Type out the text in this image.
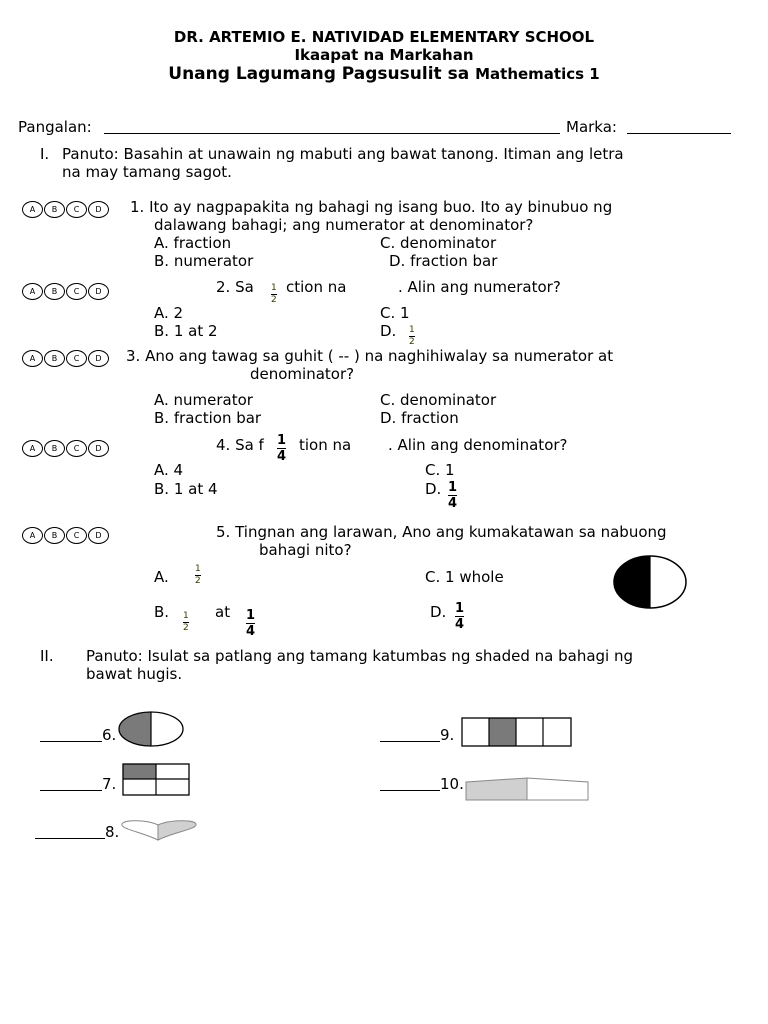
DR. ARTEMIO E. NATIVIDAD ELEMENTARY SCHOOL
Ikaapat na Markahan
Unang Lagumang Pagsusulit sa Mathematics 1
Pangalan:	Marka:
I. Panuto: Basahin at unawain ng mabuti ang bawat tanong. Itiman ang letra
na may tamang sagot.
A	B	C	D	1. Ito ay nagpapakita ng bahagi ng isang buo. Ito ay binubuo ng
dalawang bahagi; ang numerator at denominator?
A. fraction	C. denominator
B. numerator	D. fraction bar
A	B	C	D	2. Sa 1
2
ction na	. Alin ang numerator?
A. 2	C. 1
B. 1 at 2	D. 1
2
A	B	C	D	3. Ano ang tawag sa guhit ( -- ) na naghihiwalay sa numerator at
denominator?
A. numerator	C. denominator
B. fraction bar	D. fraction
A	B	C	D	4. Sa f 1
4
tion na . Alin ang denominator?
A. 4	C. 1
B. 1 at 4	D. 1
4
A	B	C	D	5. Tingnan ang larawan, Ano ang kumakatawan sa nabuong
bahagi nito?
A.	1
2	C. 1 whole
B. 1
2
at 1
4
D. 1
4
II. Panuto: Isulat sa patlang ang tamang katumbas ng shaded na bahagi ng
bawat hugis.
6.
7.
8.
9.
10.
